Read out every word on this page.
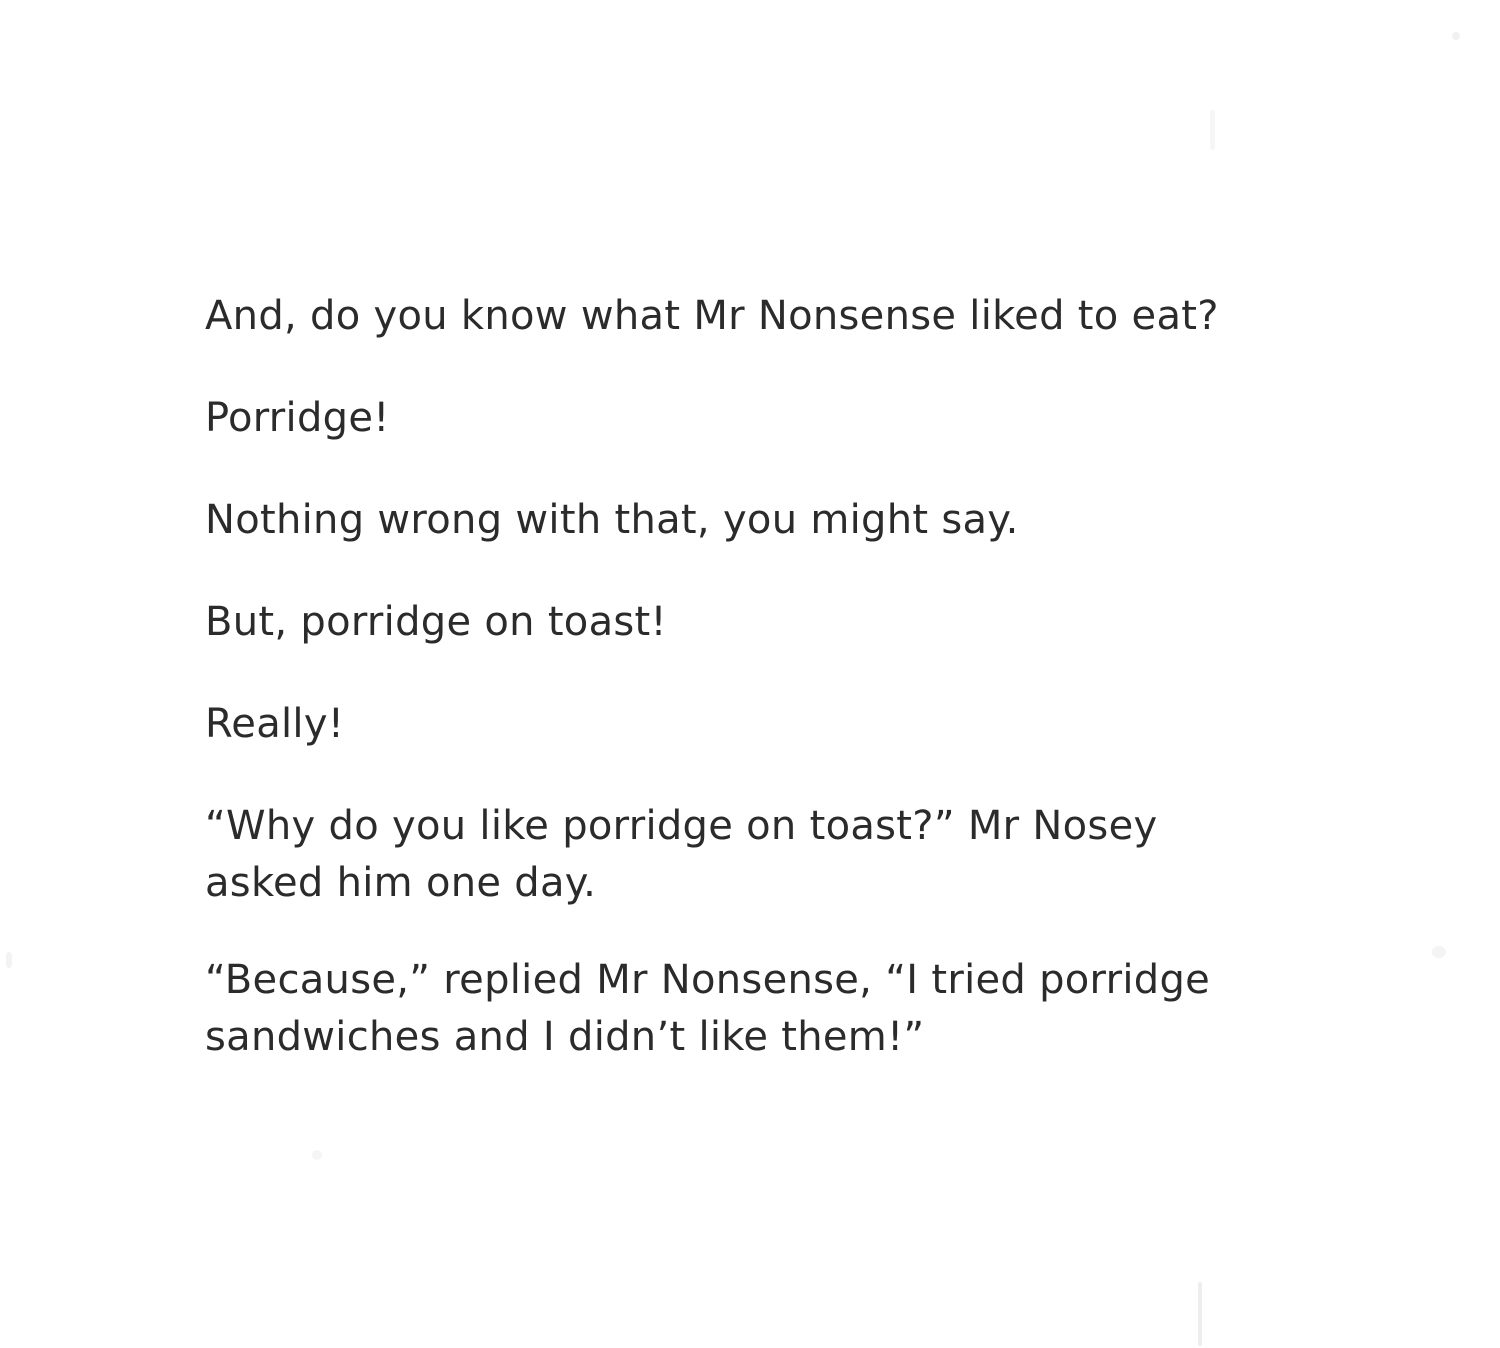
And, do you know what Mr Nonsense liked to eat?

Porridge!

Nothing wrong with that, you might say.

But, porridge on toast!

Really!

“Why do you like porridge on toast?” Mr Nosey
asked him one day.

“Because,” replied Mr Nonsense, “I tried porridge
sandwiches and I didn’t like them!”
